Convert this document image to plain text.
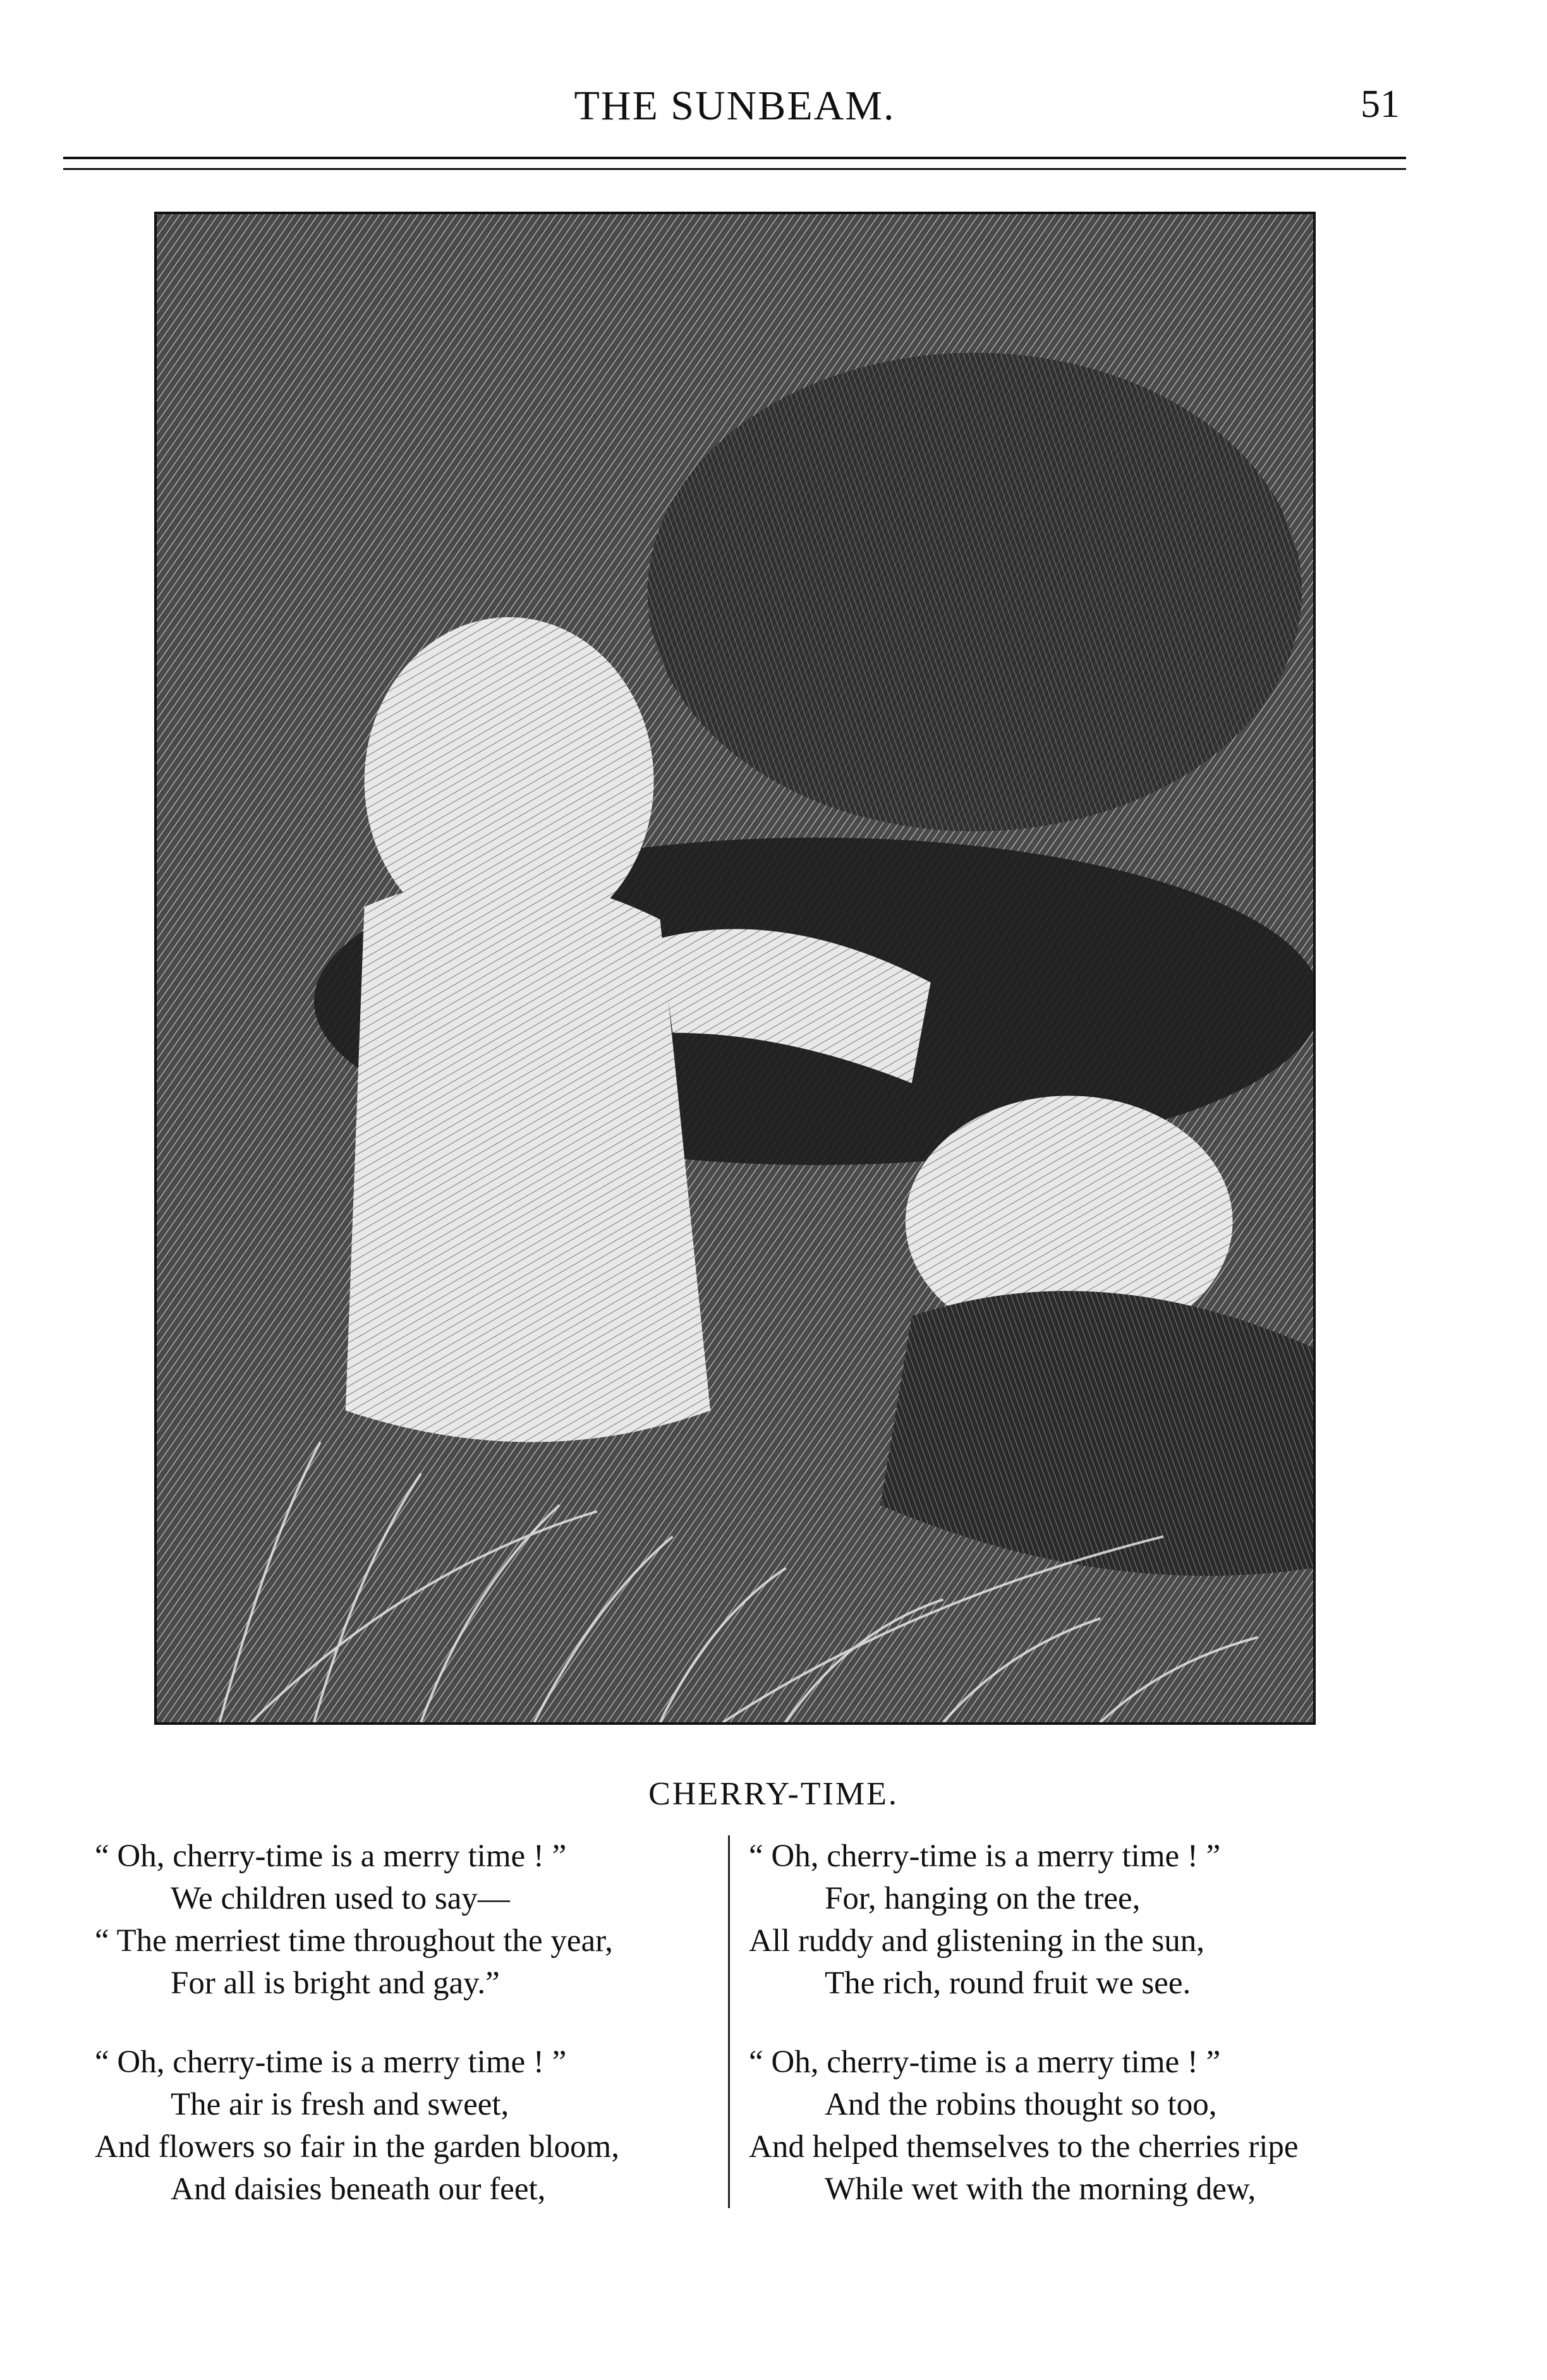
THE SUNBEAM.	51
CHERRY-TIME.
“ Oh, cherry-time is a merry time ! ”
We children used to say—
“ The merriest time throughout the year,
For all is bright and gay.”
“ Oh, cherry-time is a merry time ! ”
The air is fresh and sweet,
And flowers so fair in the garden bloom,
And daisies beneath our feet,
“ Oh, cherry-time is a merry time ! ”
For, hanging on the tree,
All ruddy and glistening in the sun,
The rich, round fruit we see.
“ Oh, cherry-time is a merry time ! ”
And the robins thought so too,
And helped themselves to the cherries ripe
While wet with the morning dew,
